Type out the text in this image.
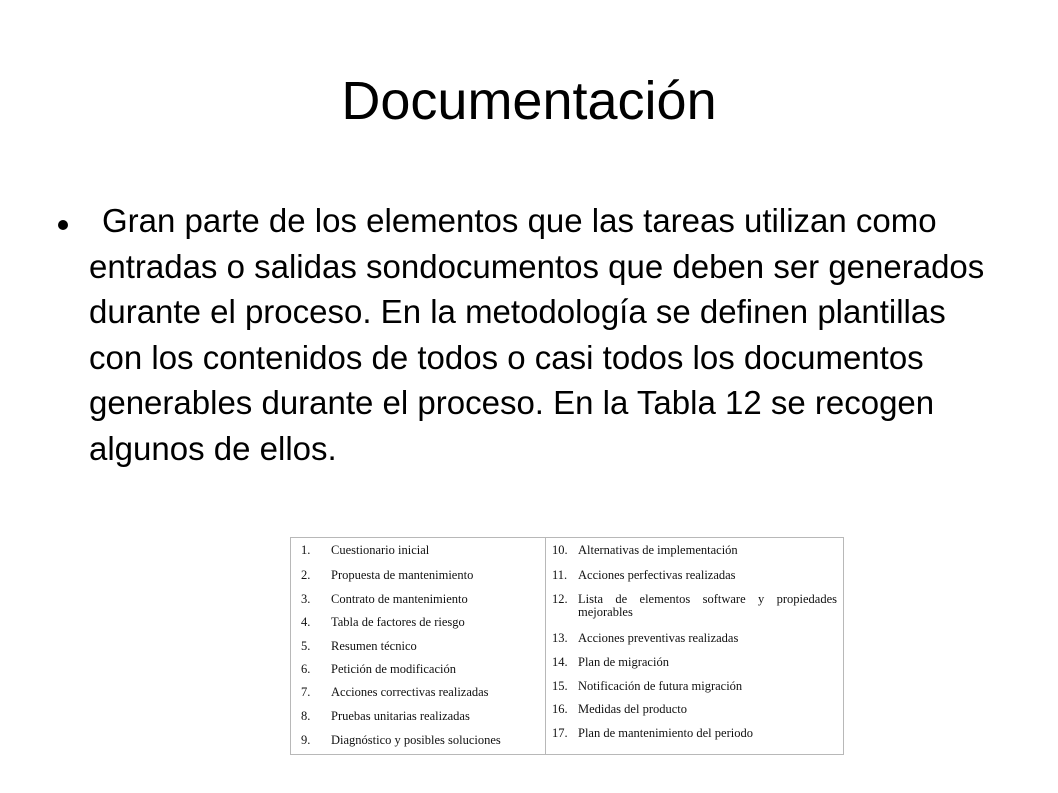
Documentación

Gran parte de los elementos que las tareas utilizan como entradas o salidas sondocumentos que deben ser generados durante el proceso. En la metodología se definen plantillas con los contenidos de todos o casi todos los documentos generables durante el proceso. En la Tabla 12 se recogen algunos de ellos.

1.	Cuestionario inicial
2.	Propuesta de mantenimiento
3.	Contrato de mantenimiento
4.	Tabla de factores de riesgo
5.	Resumen técnico
6.	Petición de modificación
7.	Acciones correctivas realizadas
8.	Pruebas unitarias realizadas
9.	Diagnóstico y posibles soluciones
10. Alternativas de implementación
11. Acciones perfectivas realizadas
12. Lista de elementos software y propiedades mejorables
13. Acciones preventivas realizadas
14. Plan de migración
15. Notificación de futura migración
16. Medidas del producto
17. Plan de mantenimiento del periodo
